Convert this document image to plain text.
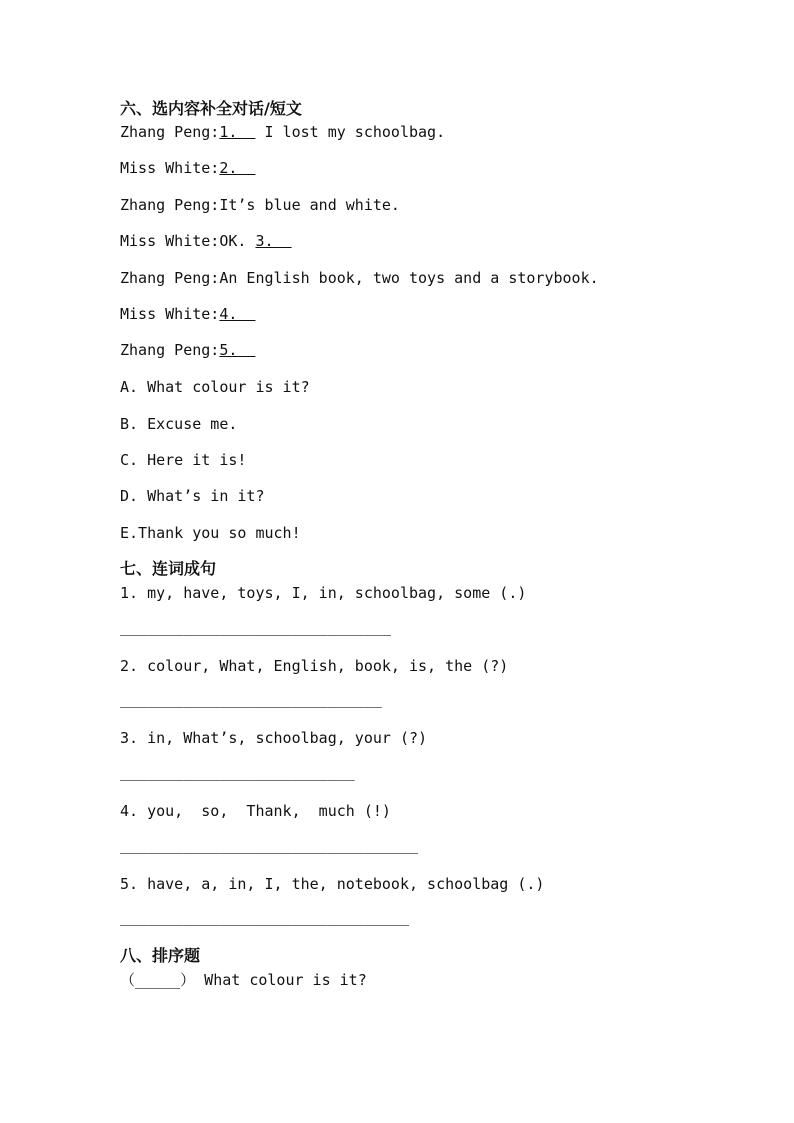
六、选内容补全对话/短文
Zhang Peng:1.   I lost my schoolbag.
Miss White:2.
Zhang Peng:It’s blue and white.
Miss White:OK. 3.
Zhang Peng:An English book, two toys and a storybook.
Miss White:4.
Zhang Peng:5.
A. What colour is it?
B. Excuse me.
C. Here it is!
D. What’s in it?
E.Thank you so much!
七、连词成句
1. my, have, toys, I, in, schoolbag, some (.)
______________________________
2. colour, What, English, book, is, the (?)
_____________________________
3. in, What’s, schoolbag, your (?)
__________________________
4. you,  so,  Thank,  much (!)
_________________________________
5. have, a, in, I, the, notebook, schoolbag (.)
________________________________
八、排序题
（_____） What colour is it?
